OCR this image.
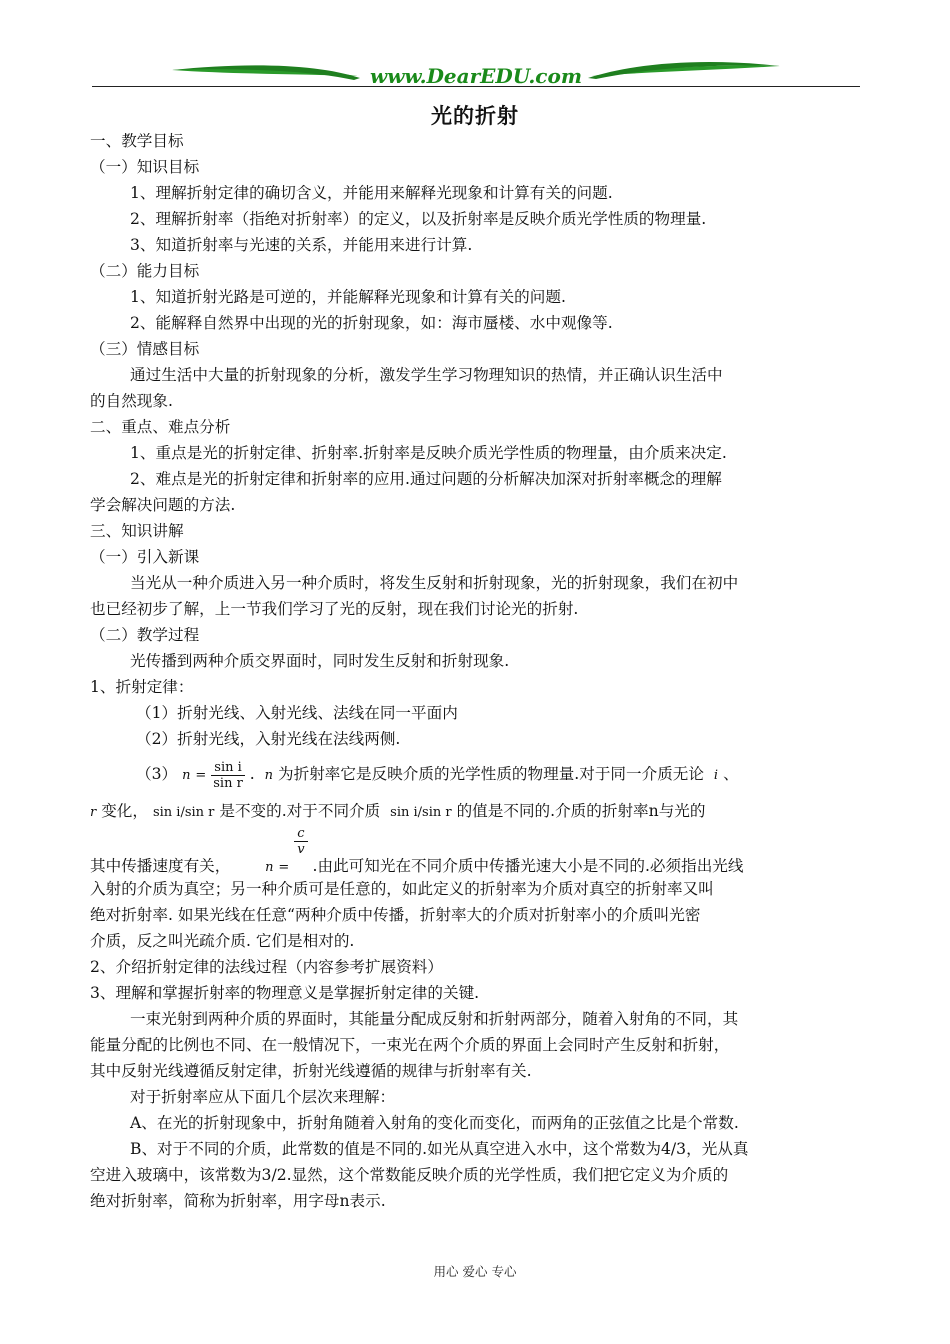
www.DearEDU.com
光的折射
一、教学目标
（一）知识目标
1、理解折射定律的确切含义，并能用来解释光现象和计算有关的问题.
2、理解折射率（指绝对折射率）的定义，以及折射率是反映介质光学性质的物理量.
3、知道折射率与光速的关系，并能用来进行计算.
（二）能力目标
1、知道折射光路是可逆的，并能解释光现象和计算有关的问题.
2、能解释自然界中出现的光的折射现象，如：海市蜃楼、水中观像等.
（三）情感目标
通过生活中大量的折射现象的分析，激发学生学习物理知识的热情，并正确认识生活中
的自然现象.
二、重点、难点分析
1、重点是光的折射定律、折射率.折射率是反映介质光学性质的物理量，由介质来决定.
2、难点是光的折射定律和折射率的应用.通过问题的分析解决加深对折射率概念的理解
学会解决问题的方法.
三、知识讲解
（一）引入新课
当光从一种介质进入另一种介质时，将发生反射和折射现象，光的折射现象，我们在初中
也已经初步了解，上一节我们学习了光的反射，现在我们讨论光的折射.
（二）教学过程
光传播到两种介质交界面时，同时发生反射和折射现象.
1、折射定律：
（1）折射光线、入射光线、法线在同一平面内
（2）折射光线，入射光线在法线两侧.
（3） $n = \frac{\text{sin i}}{\text{sin r}}$ . n 为折射率它是反映介质的光学性质的物理量.对于同一介质无论 i 、
r 变化， sin i/sin r 是不变的.对于不同介质 sin i/sin r 的值是不同的.介质的折射率n与光的
其中传播速度有关，	n =
$\frac{c}{v}$
.由此可知光在不同介质中传播光速大小是不同的.必须指出光线
入射的介质为真空；另一种介质可是任意的，如此定义的折射率为介质对真空的折射率又叫
绝对折射率. 如果光线在任意“两种介质中传播，折射率大的介质对折射率小的介质叫光密
介质，反之叫光疏介质. 它们是相对的.
2、介绍折射定律的法线过程（内容参考扩展资料）
3、理解和掌握折射率的物理意义是掌握折射定律的关键.
一束光射到两种介质的界面时，其能量分配成反射和折射两部分，随着入射角的不同，其
能量分配的比例也不同、在一般情况下，一束光在两个介质的界面上会同时产生反射和折射，
其中反射光线遵循反射定律，折射光线遵循的规律与折射率有关.
对于折射率应从下面几个层次来理解：
A、在光的折射现象中，折射角随着入射角的变化而变化，而两角的正弦值之比是个常数.
B、对于不同的介质，此常数的值是不同的.如光从真空进入水中，这个常数为4/3，光从真
空进入玻璃中，该常数为3/2.显然，这个常数能反映介质的光学性质，我们把它定义为介质的
绝对折射率，简称为折射率，用字母n表示.
用心 爱心 专心
